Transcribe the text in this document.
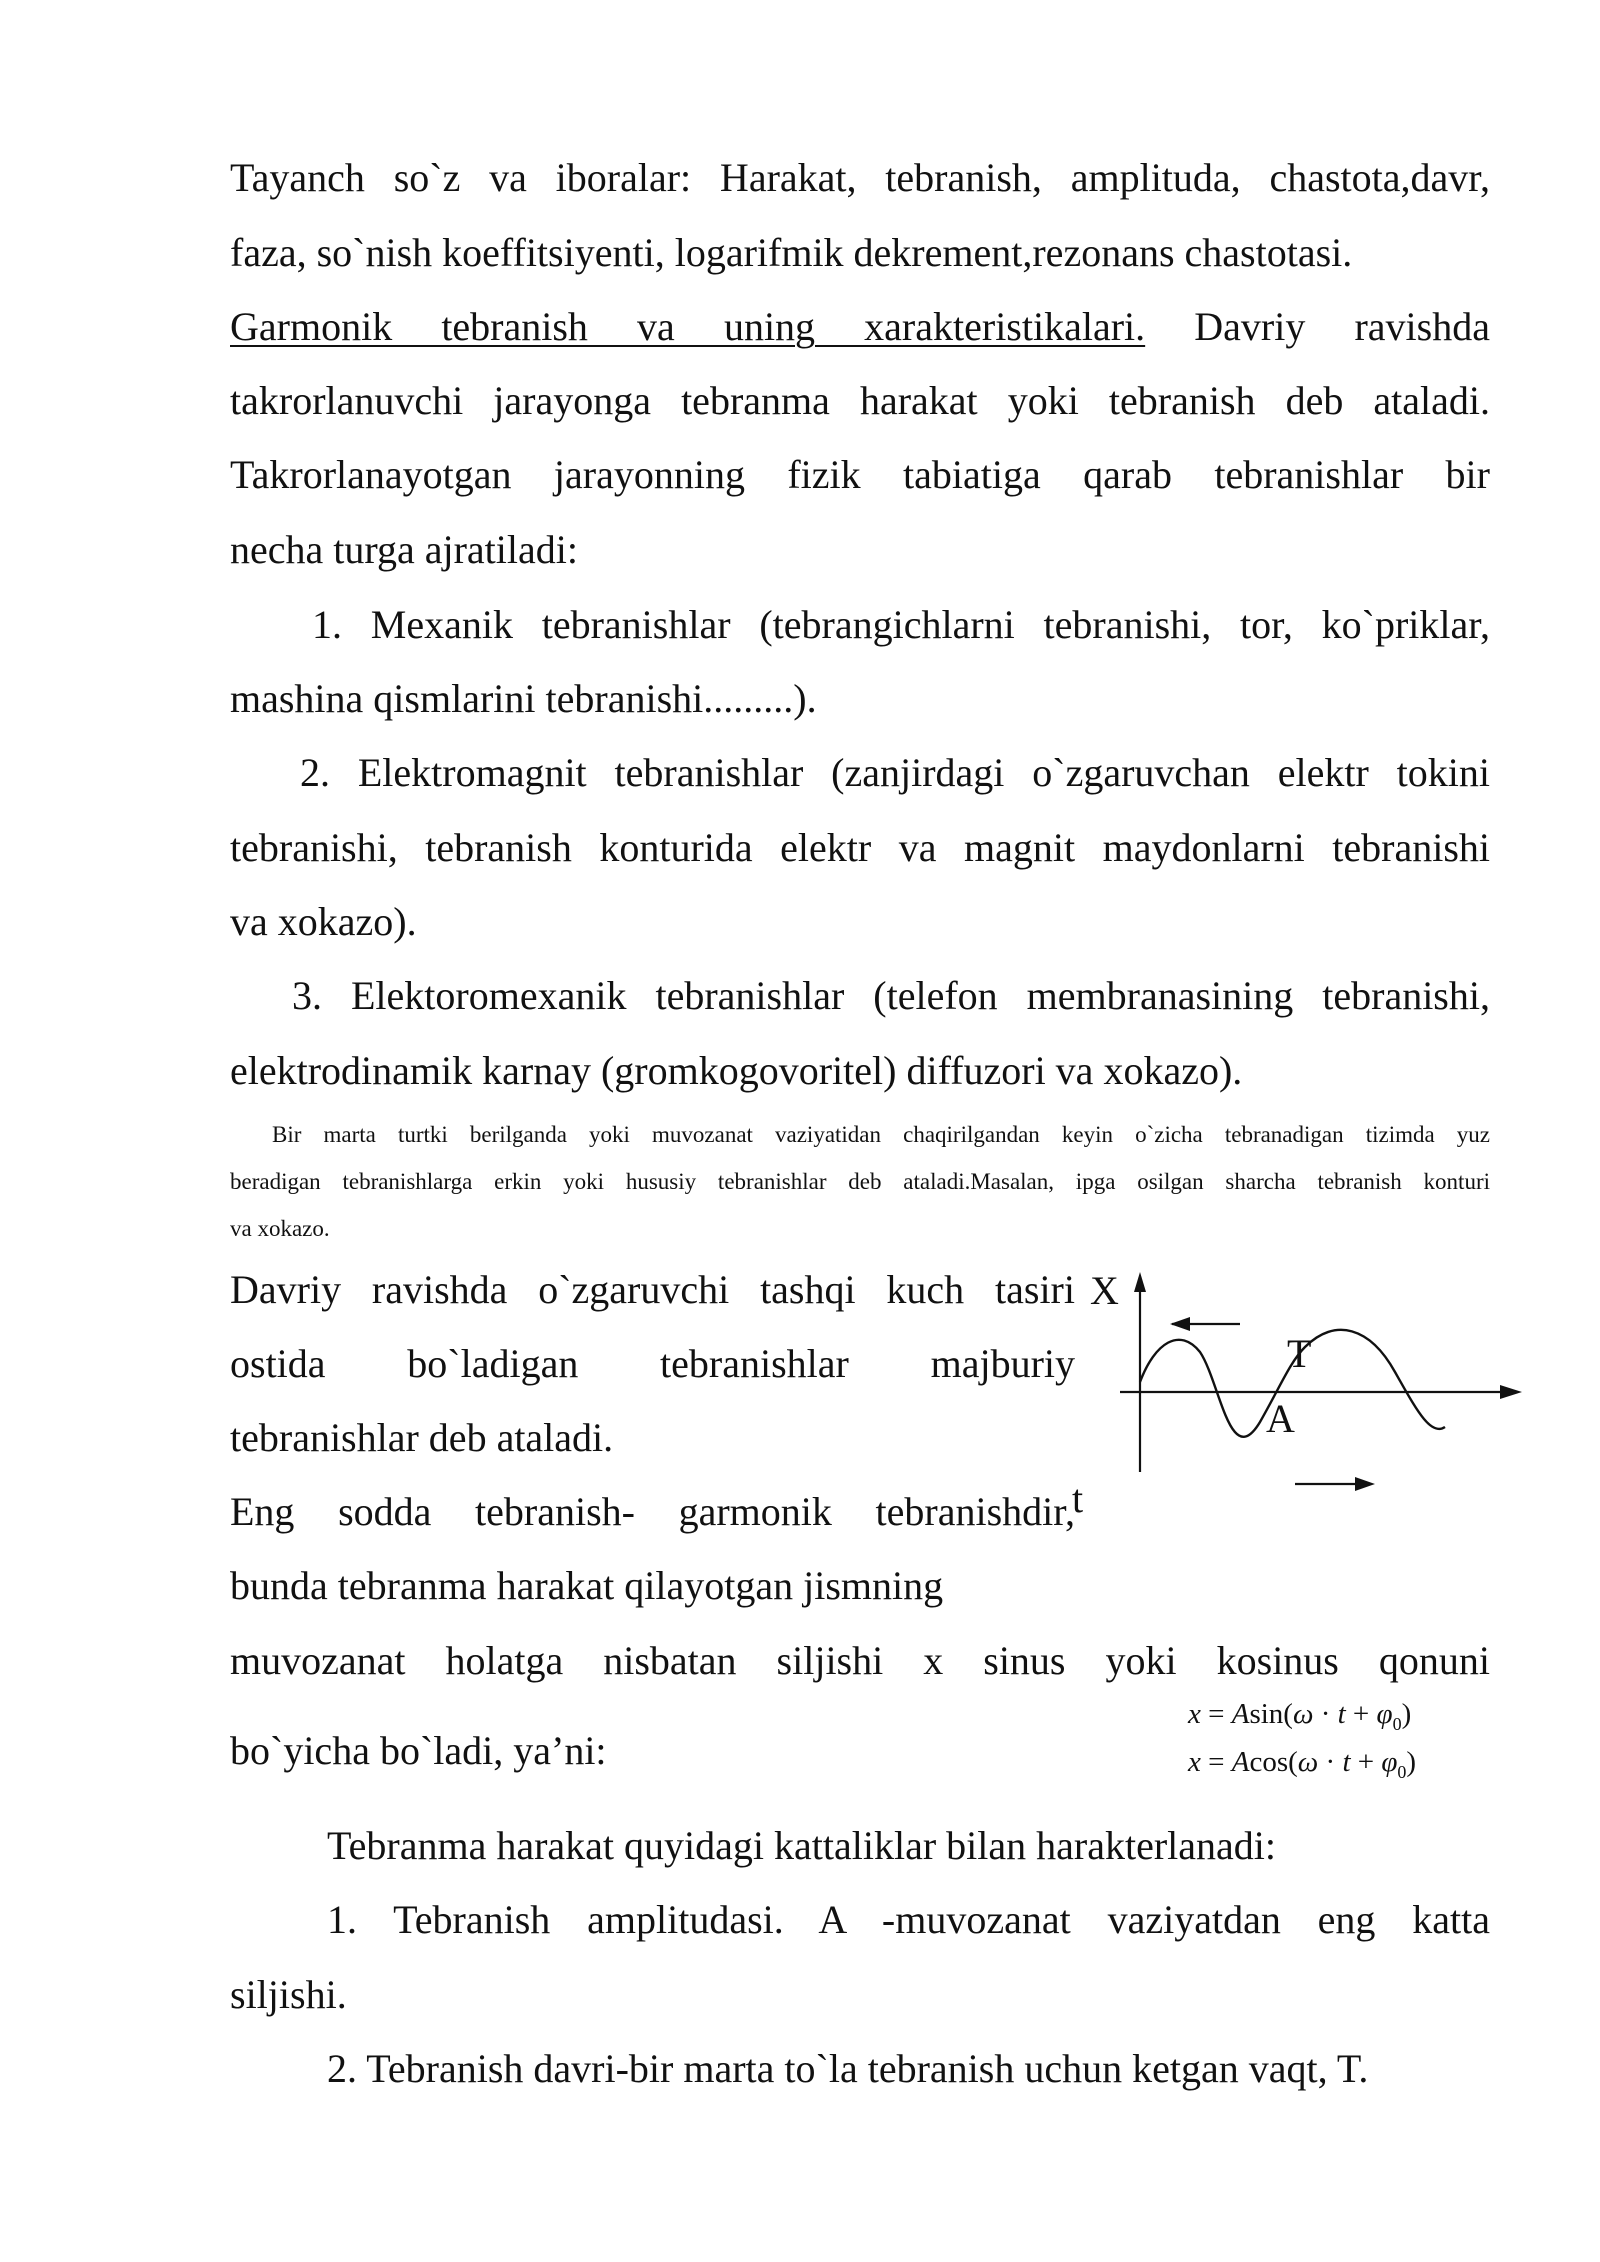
Tayanch so`z va iboralar: Harakat, tebranish, amplituda, chastota,davr,
faza, so`nish koeffitsiyenti, logarifmik dekrement,rezonans chastotasi.
Garmonik tebranish va uning xarakteristikalari. Davriy ravishda
takrorlanuvchi jarayonga tebranma harakat yoki tebranish deb ataladi.
Takrorlanayotgan jarayonning fizik tabiatiga qarab tebranishlar bir
necha turga ajratiladi:
1. Mexanik tebranishlar (tebrangichlarni tebranishi, tor, ko`priklar,
mashina qismlarini tebranishi.........).
2. Elektromagnit tebranishlar (zanjirdagi o`zgaruvchan elektr tokini
tebranishi, tebranish konturida elektr va magnit maydonlarni tebranishi
va xokazo).
3. Elektoromexanik tebranishlar (telefon membranasining tebranishi,
elektrodinamik karnay (gromkogovoritel) diffuzori va xokazo).
Bir marta turtki berilganda yoki muvozanat vaziyatidan chaqirilgandan keyin o`zicha tebranadigan tizimda yuz
beradigan tebranishlarga erkin yoki hususiy tebranishlar deb ataladi.Masalan, ipga osilgan sharcha tebranish konturi
va xokazo.
Davriy ravishda o`zgaruvchi tashqi kuch tasiri
ostida bo`ladigan tebranishlar majburiy
tebranishlar deb ataladi.
X
T
A
t
Eng sodda tebranish- garmonik tebranishdir,
bunda tebranma harakat qilayotgan jismning
muvozanat holatga nisbatan siljishi x sinus yoki kosinus qonuni
bo`yicha bo`ladi, ya’ni:
$x = Asin(\omega \cdot t + \varphi_0)$
$x = Acos(\omega \cdot t + \varphi_0)$
Tebranma harakat quyidagi kattaliklar bilan harakterlanadi:
1. Tebranish amplitudasi. A -muvozanat vaziyatdan eng katta
siljishi.
2. Tebranish davri-bir marta to`la tebranish uchun ketgan vaqt, T.
